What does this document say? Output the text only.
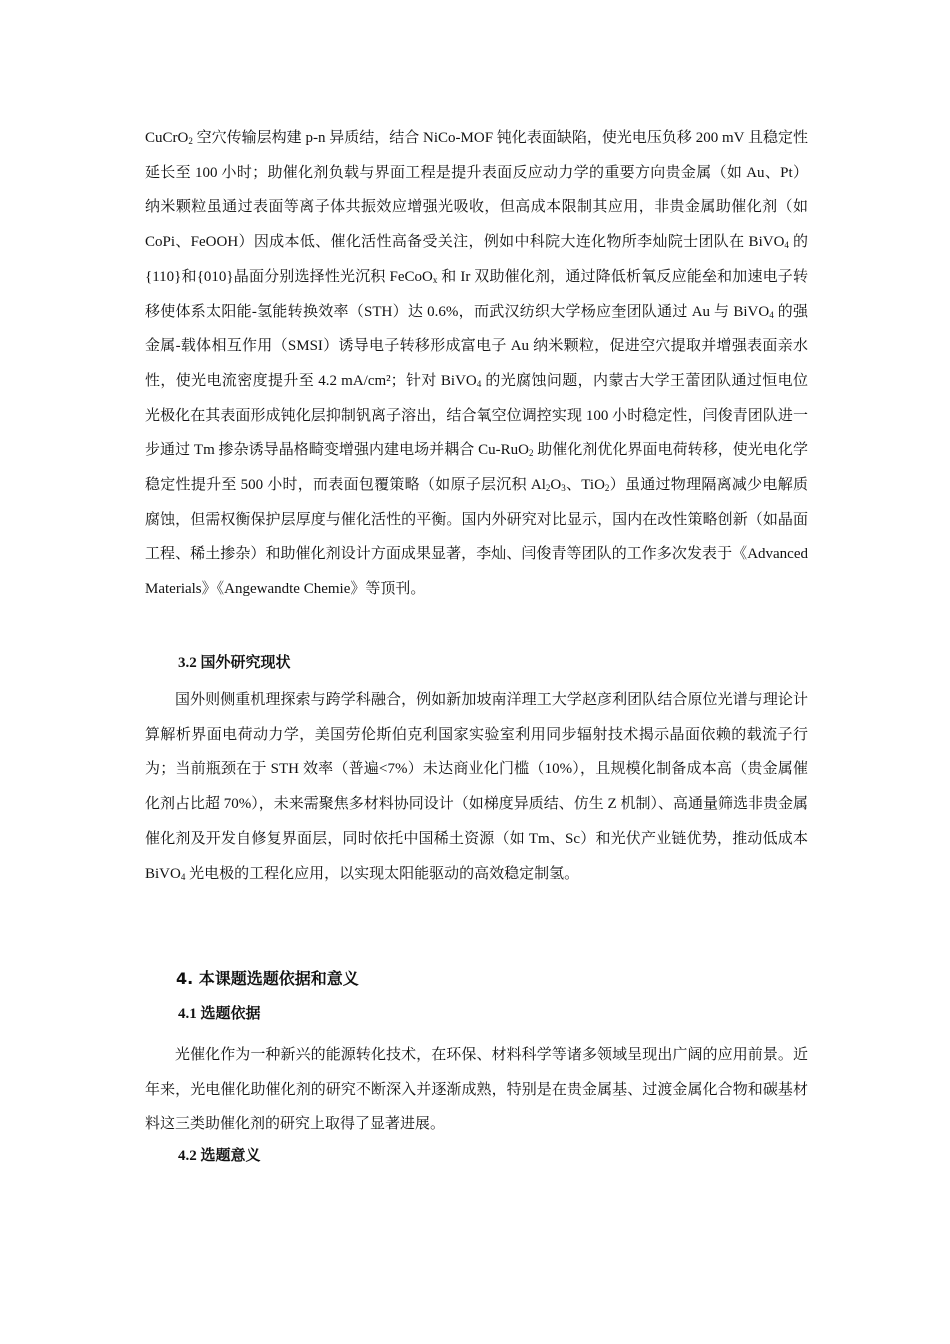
CuCrO$_2$ 空穴传输层构建 p-n 异质结，结合 NiCo-MOF 钝化表面缺陷，使光电压负移 200 mV 且稳定性延长至 100 小时；助催化剂负载与界面工程是提升表面反应动力学的重要方向贵金属（如 Au、Pt）纳米颗粒虽通过表面等离子体共振效应增强光吸收，但高成本限制其应用，非贵金属助催化剂（如 CoPi、FeOOH）因成本低、催化活性高备受关注，例如中科院大连化物所李灿院士团队在 BiVO$_4$ 的{110}和{010}晶面分别选择性光沉积 FeCoO$_x$ 和 Ir 双助催化剂，通过降低析氧反应能垒和加速电子转移使体系太阳能-氢能转换效率（STH）达 0.6%，而武汉纺织大学杨应奎团队通过 Au 与 BiVO$_4$ 的强金属-载体相互作用（SMSI）诱导电子转移形成富电子 Au 纳米颗粒，促进空穴提取并增强表面亲水性，使光电流密度提升至 4.2 mA/cm²；针对 BiVO$_4$ 的光腐蚀问题，内蒙古大学王蕾团队通过恒电位光极化在其表面形成钝化层抑制钒离子溶出，结合氧空位调控实现 100 小时稳定性，闫俊青团队进一步通过 Tm 掺杂诱导晶格畸变增强内建电场并耦合 Cu-RuO$_2$ 助催化剂优化界面电荷转移，使光电化学稳定性提升至 500 小时，而表面包覆策略（如原子层沉积 $Al_2O_3$、TiO$_2$）虽通过物理隔离减少电解质腐蚀，但需权衡保护层厚度与催化活性的平衡。国内外研究对比显示，国内在改性策略创新（如晶面工程、稀土掺杂）和助催化剂设计方面成果显著，李灿、闫俊青等团队的工作多次发表于《Advanced Materials》《Angewandte Chemie》等顶刊。

3.2 国外研究现状

国外则侧重机理探索与跨学科融合，例如新加坡南洋理工大学赵彦利团队结合原位光谱与理论计算解析界面电荷动力学，美国劳伦斯伯克利国家实验室利用同步辐射技术揭示晶面依赖的载流子行为；当前瓶颈在于 STH 效率（普遍<7%）未达商业化门槛（10%），且规模化制备成本高（贵金属催化剂占比超 70%），未来需聚焦多材料协同设计（如梯度异质结、仿生 Z 机制）、高通量筛选非贵金属催化剂及开发自修复界面层，同时依托中国稀土资源（如 Tm、Sc）和光伏产业链优势，推动低成本 BiVO$_4$ 光电极的工程化应用，以实现太阳能驱动的高效稳定制氢。

4. 本课题选题依据和意义
4.1 选题依据

光催化作为一种新兴的能源转化技术，在环保、材料科学等诸多领域呈现出广阔的应用前景。近年来，光电催化助催化剂的研究不断深入并逐渐成熟，特别是在贵金属基、过渡金属化合物和碳基材料这三类助催化剂的研究上取得了显著进展。

4.2 选题意义
